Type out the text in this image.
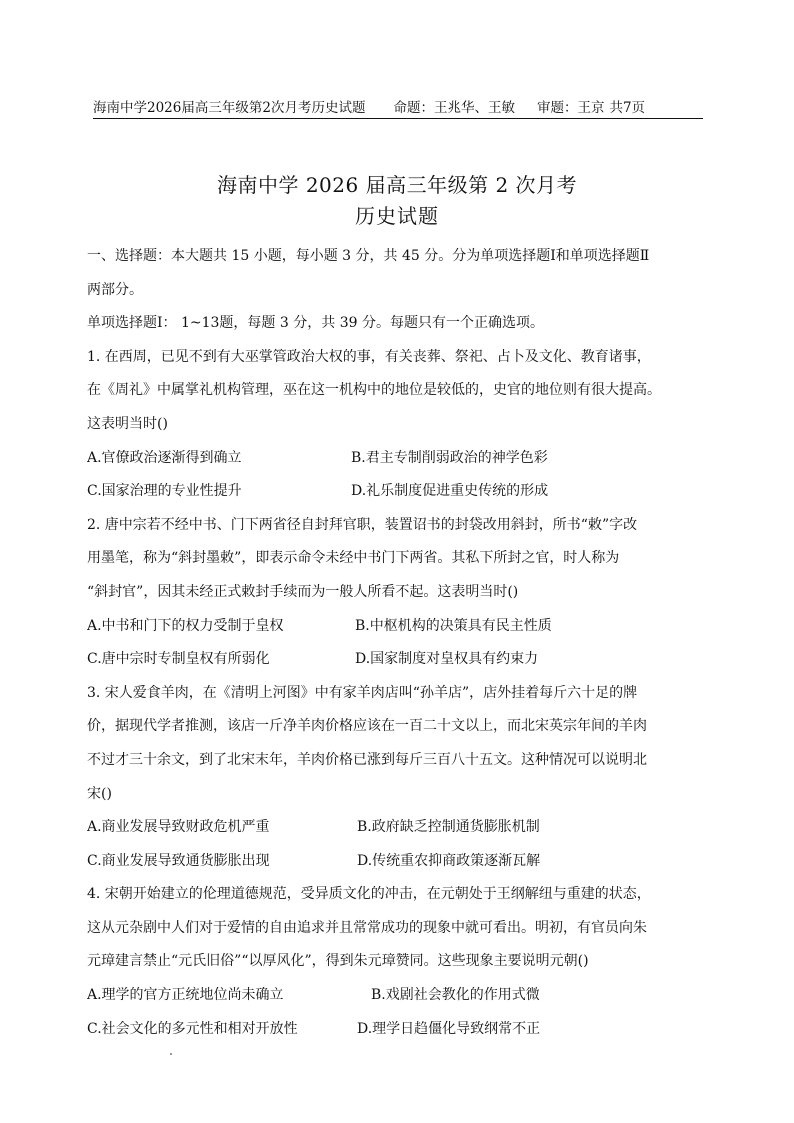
海南中学2026届高三年级第2次月考历史试题 命题：王兆华、王敏 审题：王京 共7页
海南中学 2026 届高三年级第 2 次月考
历史试题
一、选择题：本大题共 15 小题，每小题 3 分，共 45 分。分为单项选择题Ⅰ和单项选择题Ⅱ
两部分。
单项选择题Ⅰ： 1~13题，每题 3 分，共 39 分。每题只有一个正确选项。
1. 在西周，已见不到有大巫掌管政治大权的事，有关丧葬、祭祀、占卜及文化、教育诸事，
在《周礼》中属掌礼机构管理，巫在这一机构中的地位是较低的，史官的地位则有很大提高。
这表明当时()
A.官僚政治逐渐得到确立	B.君主专制削弱政治的神学色彩
C.国家治理的专业性提升	D.礼乐制度促进重史传统的形成
2. 唐中宗若不经中书、门下两省径自封拜官职，装置诏书的封袋改用斜封，所书“敕”字改
用墨笔，称为“斜封墨敕”，即表示命令未经中书门下两省。其私下所封之官，时人称为
“斜封官”，因其未经正式敕封手续而为一般人所看不起。这表明当时()
A.中书和门下的权力受制于皇权	B.中枢机构的决策具有民主性质
C.唐中宗时专制皇权有所弱化	D.国家制度对皇权具有约束力
3. 宋人爱食羊肉，在《清明上河图》中有家羊肉店叫“孙羊店”，店外挂着每斤六十足的牌
价，据现代学者推测，该店一斤净羊肉价格应该在一百二十文以上，而北宋英宗年间的羊肉
不过才三十余文，到了北宋末年，羊肉价格已涨到每斤三百八十五文。这种情况可以说明北
宋()
A.商业发展导致财政危机严重	B.政府缺乏控制通货膨胀机制
C.商业发展导致通货膨胀出现	D.传统重农抑商政策逐渐瓦解
4. 宋朝开始建立的伦理道德规范，受异质文化的冲击，在元朝处于王纲解纽与重建的状态，
这从元杂剧中人们对于爱情的自由追求并且常常成功的现象中就可看出。明初，有官员向朱
元璋建言禁止“元氏旧俗”“以厚风化”，得到朱元璋赞同。这些现象主要说明元朝()
A.理学的官方正统地位尚未确立	B.戏剧社会教化的作用式微
C.社会文化的多元性和相对开放性	D.理学日趋僵化导致纲常不正
